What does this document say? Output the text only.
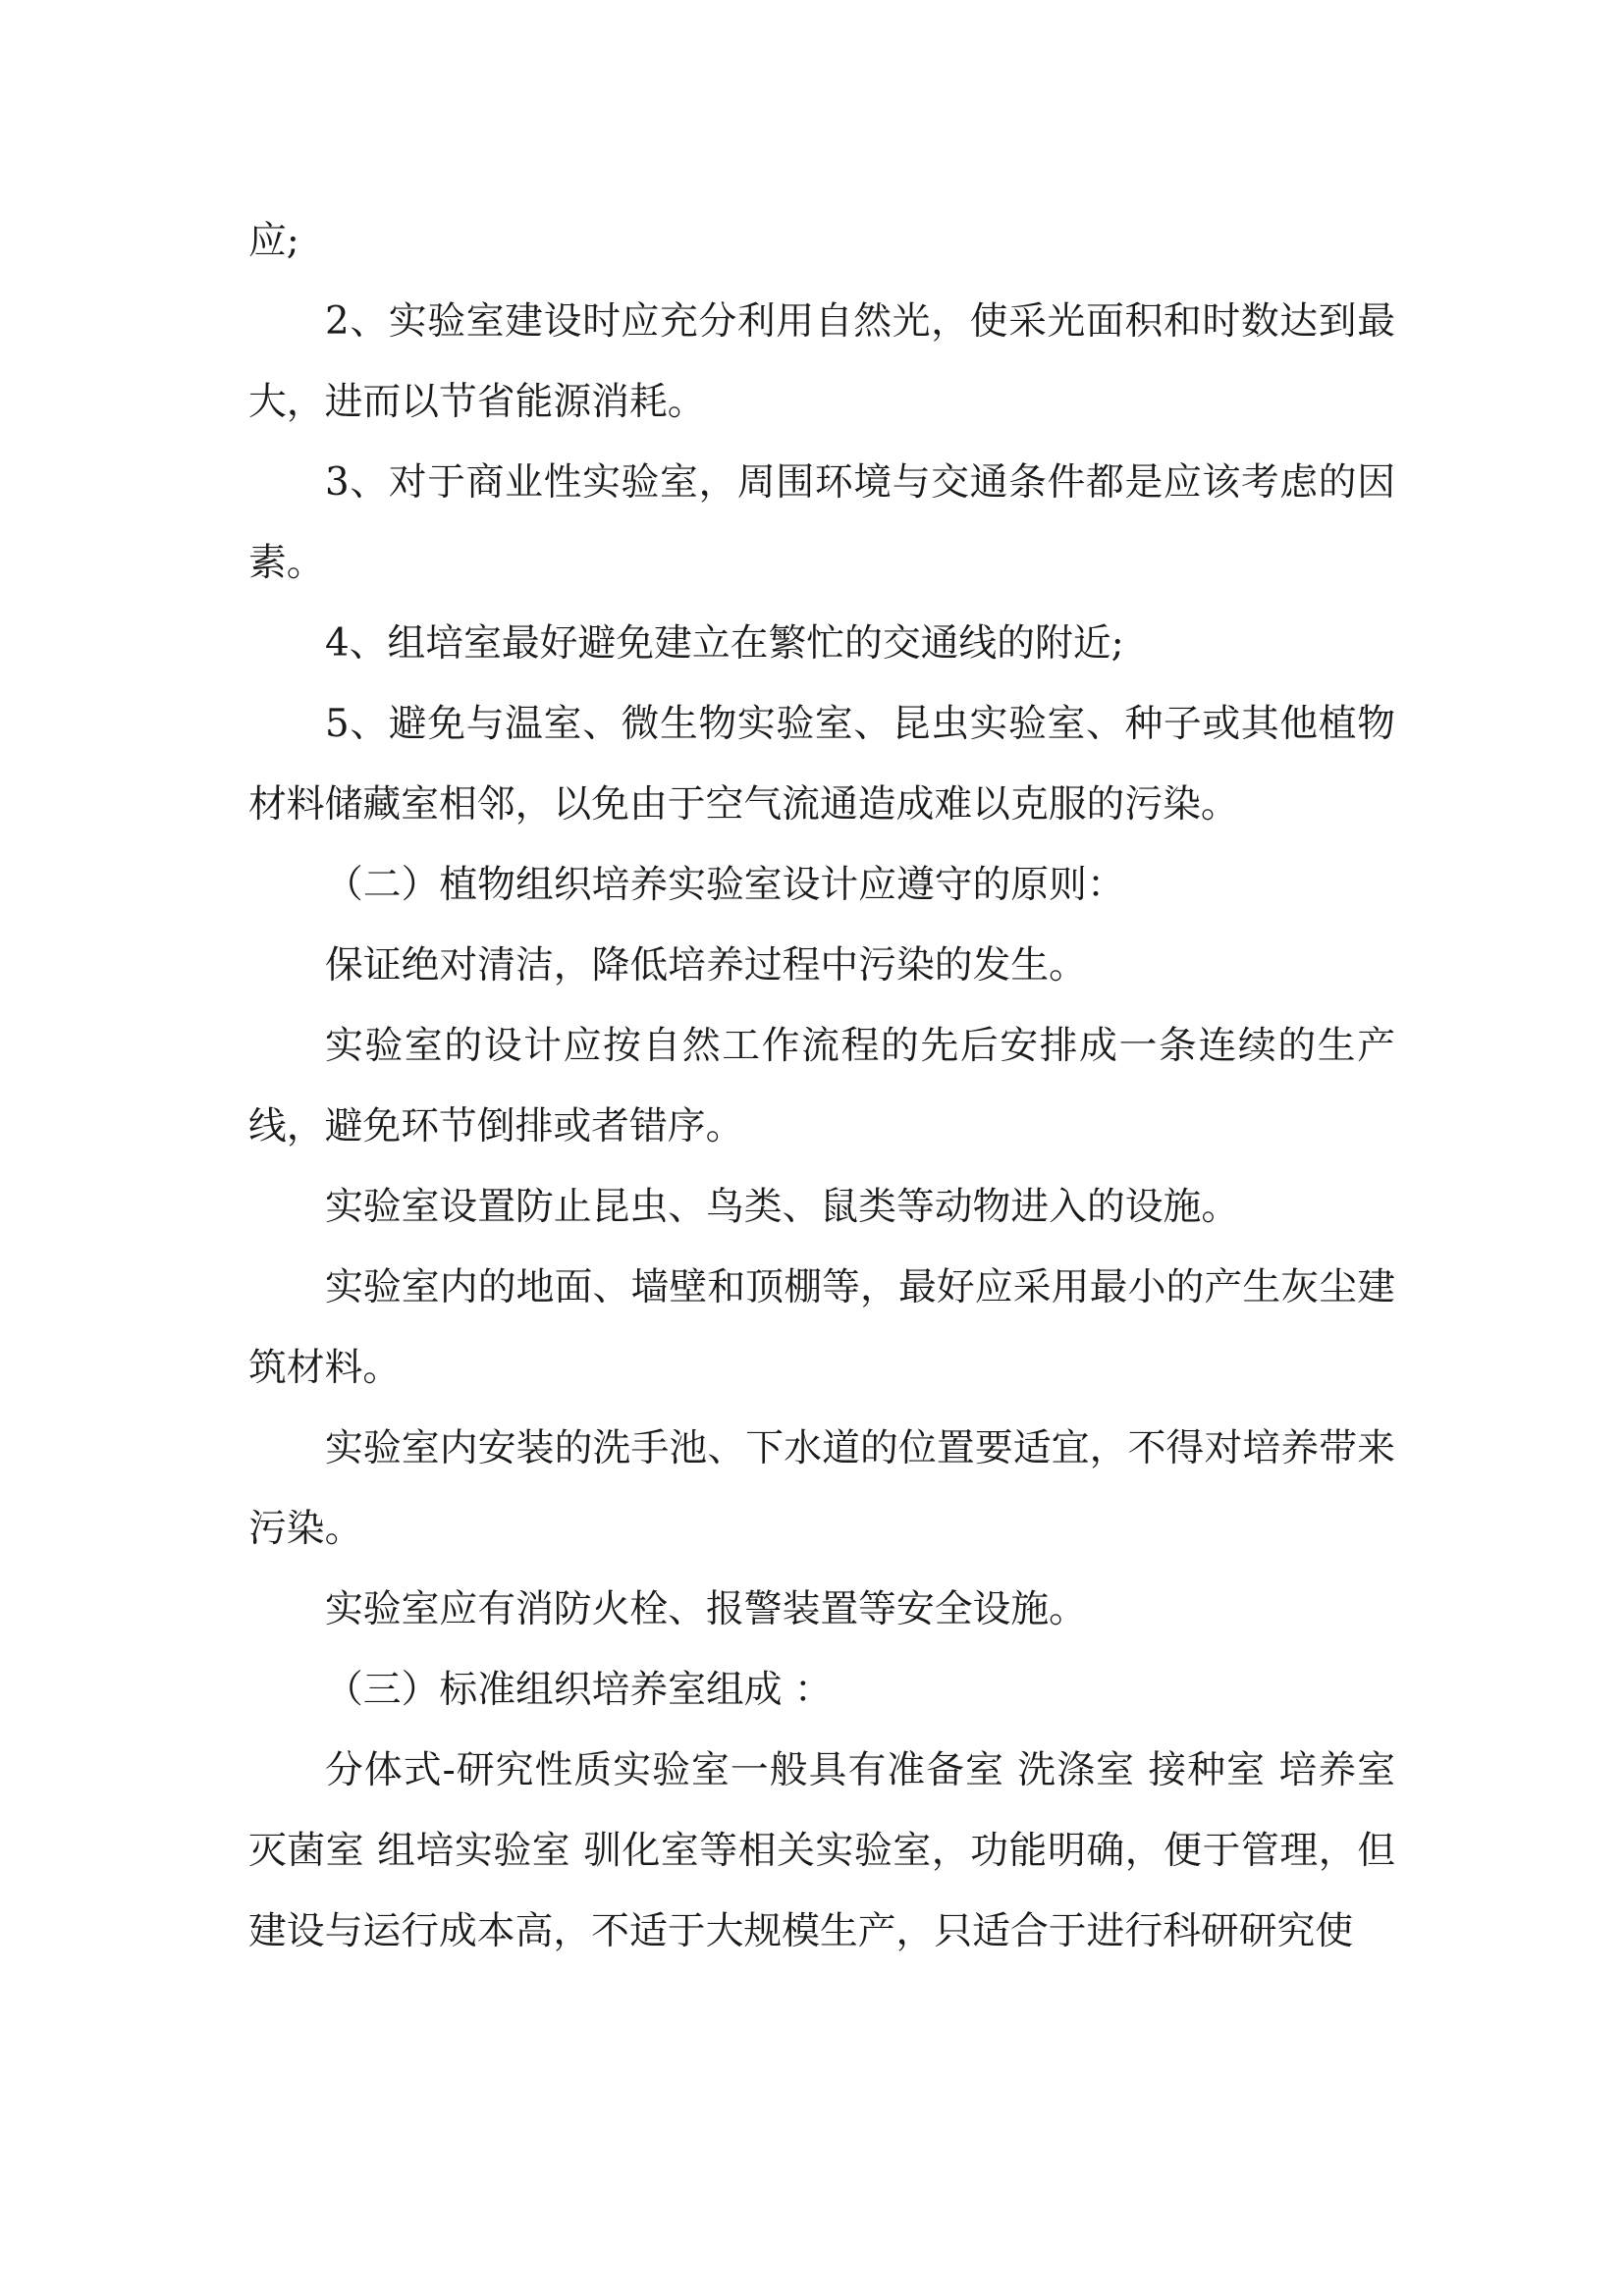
应;

2、实验室建设时应充分利用自然光，使采光面积和时数达到最大，进而以节省能源消耗。

3、对于商业性实验室，周围环境与交通条件都是应该考虑的因素。

4、组培室最好避免建立在繁忙的交通线的附近;

5、避免与温室、微生物实验室、昆虫实验室、种子或其他植物材料储藏室相邻，以免由于空气流通造成难以克服的污染。

（二）植物组织培养实验室设计应遵守的原则：

保证绝对清洁，降低培养过程中污染的发生。

实验室的设计应按自然工作流程的先后安排成一条连续的生产线，避免环节倒排或者错序。

实验室设置防止昆虫、鸟类、鼠类等动物进入的设施。

实验室内的地面、墙壁和顶棚等，最好应采用最小的产生灰尘建筑材料。

实验室内安装的洗手池、下水道的位置要适宜，不得对培养带来污染。

实验室应有消防火栓、报警装置等安全设施。

（三）标准组织培养室组成 ：

分体式-研究性质实验室一般具有准备室 洗涤室 接种室 培养室 灭菌室 组培实验室 驯化室等相关实验室，功能明确，便于管理，但建设与运行成本高，不适于大规模生产，只适合于进行科研研究使
